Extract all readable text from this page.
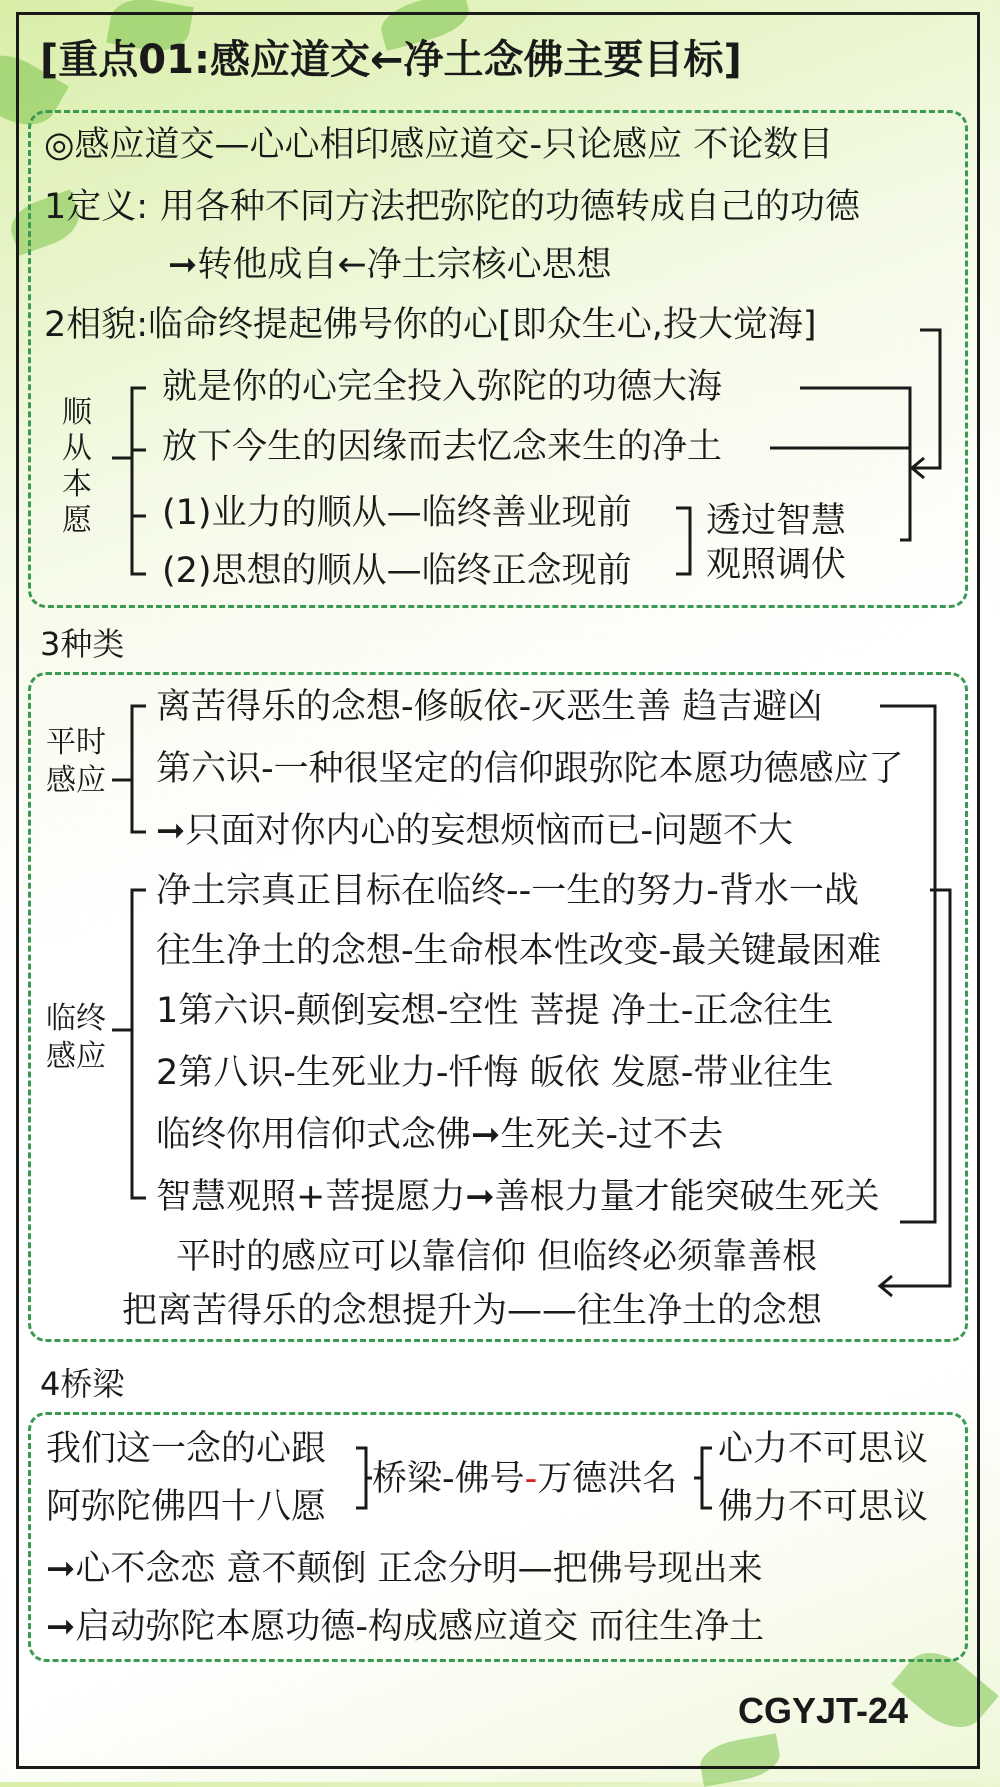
[重点01:感应道交←净土念佛主要目标]
◎感应道交—心心相印感应道交-只论感应 不论数目
1定义: 用各种不同方法把弥陀的功德转成自己的功德
➞转他成自←净土宗核心思想
2相貌:临命终提起佛号你的心[即众生心,投大觉海]
顺
从
本
愿
就是你的心完全投入弥陀的功德大海
放下今生的因缘而去忆念来生的净土
(1)业力的顺从—临终善业现前
(2)思想的顺从—临终正念现前
透过智慧
观照调伏
3种类
平时
感应
离苦得乐的念想-修皈依-灭恶生善 趋吉避凶
第六识-一种很坚定的信仰跟弥陀本愿功德感应了
➞只面对你内心的妄想烦恼而已-问题不大
临终
感应
净土宗真正目标在临终--一生的努力-背水一战
往生净土的念想-生命根本性改变-最关键最困难
1第六识-颠倒妄想-空性 菩提 净土-正念往生
2第八识-生死业力-忏悔 皈依 发愿-带业往生
临终你用信仰式念佛➞生死关-过不去
智慧观照+菩提愿力➞善根力量才能突破生死关
平时的感应可以靠信仰 但临终必须靠善根
把离苦得乐的念想提升为——往生净土的念想
4桥梁
我们这一念的心跟
阿弥陀佛四十八愿
桥梁-佛号-万德洪名
心力不可思议
佛力不可思议
➞心不念恋 意不颠倒 正念分明—把佛号现出来
➞启动弥陀本愿功德-构成感应道交 而往生净土
CGYJT-24
